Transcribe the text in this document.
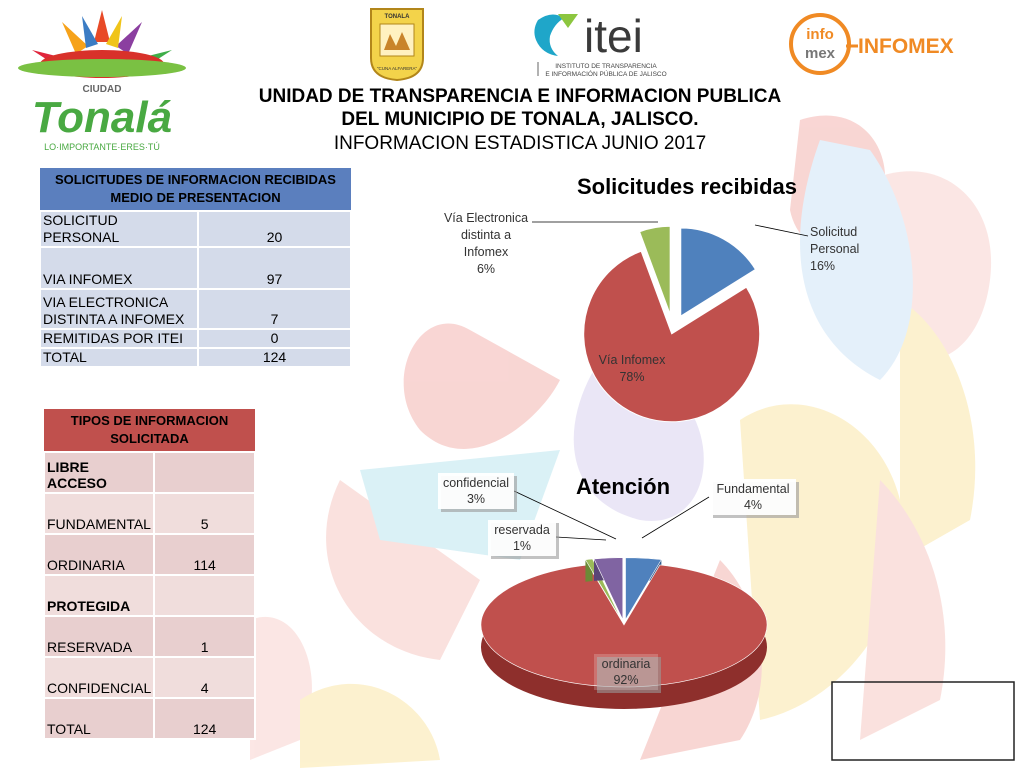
CIUDAD
Tonalá
LO·IMPORTANTE·ERES·TÚ
TONALA
"CUNA ALFARERA"
itei
INSTITUTO DE TRANSPARENCIA
E INFORMACIÓN PÚBLICA DE JALISCO
info
mex INFOMEX
UNIDAD DE TRANSPARENCIA E INFORMACION PUBLICA
DEL MUNICIPIO DE TONALA, JALISCO.
INFORMACION ESTADISTICA JUNIO 2017
SOLICITUDES DE INFORMACION RECIBIDAS MEDIO DE PRESENTACION	
SOLICITUD PERSONAL	20
VIA INFOMEX	97
VIA ELECTRONICA DISTINTA A INFOMEX	7
REMITIDAS POR ITEI	0
TOTAL	124
TIPOS DE INFORMACION SOLICITADA	
LIBRE ACCESO	
FUNDAMENTAL	5
ORDINARIA	114
PROTEGIDA	
RESERVADA	1
CONFIDENCIAL	4
TOTAL	124
Solicitudes recibidas
Solicitud Personal 16%
Vía Infomex 78%
Vía Electronica distinta a Infomex 6%
Atención	Fundamental 4%
ordinaria 92%
reservada 1%
confidencial 3%
